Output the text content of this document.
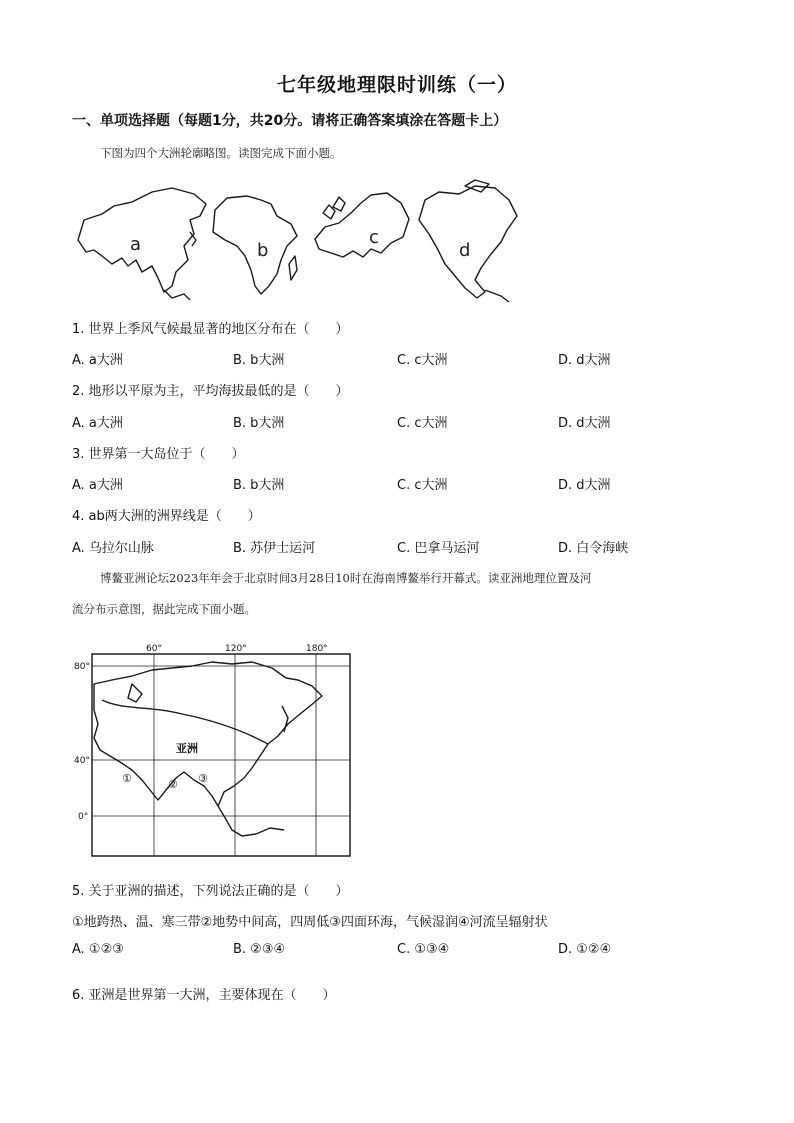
七年级地理限时训练（一）
一、单项选择题（每题1分，共20分。请将正确答案填涂在答题卡上）
下图为四个大洲轮廓略图。读图完成下面小题。
a	b
c
d
1. 世界上季风气候最显著的地区分布在（　　）
A. a大洲	B. b大洲	C. c大洲	D. d大洲
2. 地形以平原为主，平均海拔最低的是（　　）
A. a大洲	B. b大洲	C. c大洲	D. d大洲
3. 世界第一大岛位于（　　）
A. a大洲	B. b大洲	C. c大洲	D. d大洲
4. ab两大洲的洲界线是（　　）
A. 乌拉尔山脉	B. 苏伊士运河	C. 巴拿马运河	D. 白令海峡
博鳌亚洲论坛2023年年会于北京时间3月28日10时在海南博鳌举行开幕式。读亚洲地理位置及河
流分布示意图，据此完成下面小题。
60°	120°	180°
80°
40°
0°
亚洲
①	② ③
5. 关于亚洲的描述，下列说法正确的是（　　）
①地跨热、温、寒三带②地势中间高，四周低③四面环海，气候湿润④河流呈辐射状
A. ①②③	B. ②③④	C. ①③④	D. ①②④
6. 亚洲是世界第一大洲，主要体现在（　　）
